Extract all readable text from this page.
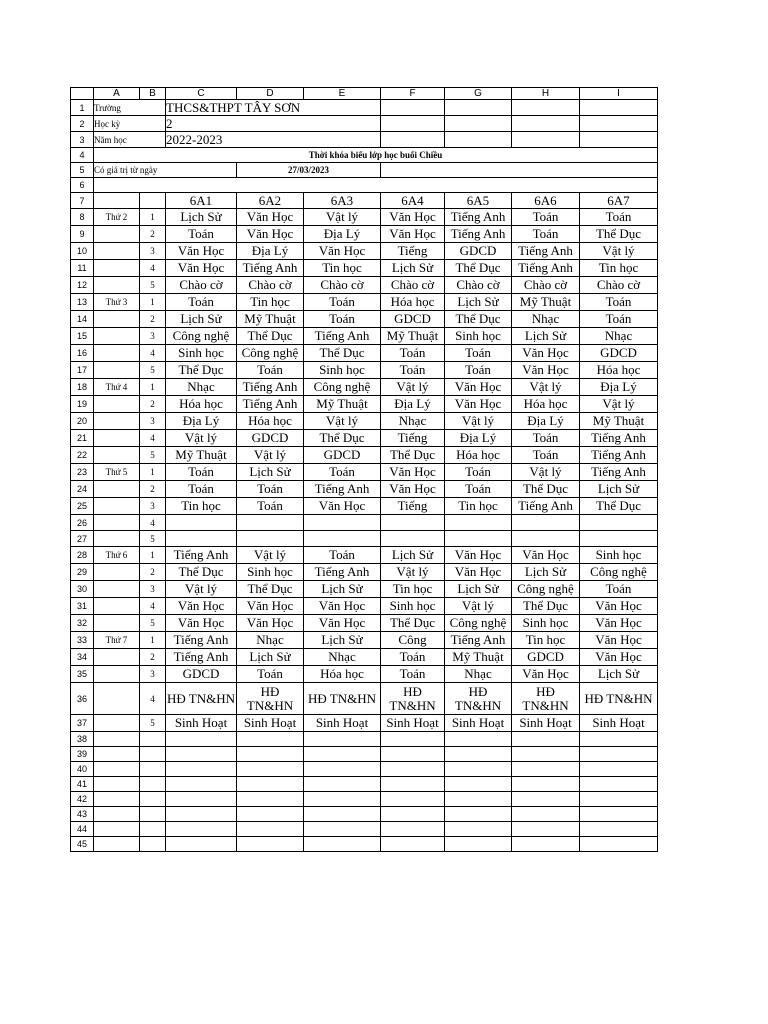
	A	B	C	D	E	F	G	H	I
1	Trường		THCS&THPT TÂY SƠN						
2	Học kỳ		2						
3	Năm học		2022-2023						
4	Thời khóa biểu lớp học buổi Chiều								
5	Có giá trị từ ngày			27/03/2023					
6									
7			6A1	6A2	6A3	6A4	6A5	6A6	6A7
8	Thứ 2	1	Lịch Sử	Văn Học	Vật lý	Văn Học	Tiếng Anh	Toán	Toán
9		2	Toán	Văn Học	Địa Lý	Văn Học	Tiếng Anh	Toán	Thể Dục
10		3	Văn Học	Địa Lý	Văn Học	Tiếng	GDCD	Tiếng Anh	Vật lý
11		4	Văn Học	Tiếng Anh	Tin học	Lịch Sử	Thể Dục	Tiếng Anh	Tin học
12		5	Chào cờ	Chào cờ	Chào cờ	Chào cờ	Chào cờ	Chào cờ	Chào cờ
13	Thứ 3	1	Toán	Tin học	Toán	Hóa học	Lịch Sử	Mỹ Thuật	Toán
14		2	Lịch Sử	Mỹ Thuật	Toán	GDCD	Thể Dục	Nhạc	Toán
15		3	Công nghệ	Thể Dục	Tiếng Anh	Mỹ Thuật	Sinh học	Lịch Sử	Nhạc
16		4	Sinh học	Công nghệ	Thể Dục	Toán	Toán	Văn Học	GDCD
17		5	Thể Dục	Toán	Sinh học	Toán	Toán	Văn Học	Hóa học
18	Thứ 4	1	Nhạc	Tiếng Anh	Công nghệ	Vật lý	Văn Học	Vật lý	Địa Lý
19		2	Hóa học	Tiếng Anh	Mỹ Thuật	Địa Lý	Văn Học	Hóa học	Vật lý
20		3	Địa Lý	Hóa học	Vật lý	Nhạc	Vật lý	Địa Lý	Mỹ Thuật
21		4	Vật lý	GDCD	Thể Dục	Tiếng	Địa Lý	Toán	Tiếng Anh
22		5	Mỹ Thuật	Vật lý	GDCD	Thể Dục	Hóa học	Toán	Tiếng Anh
23	Thứ 5	1	Toán	Lịch Sử	Toán	Văn Học	Toán	Vật lý	Tiếng Anh
24		2	Toán	Toán	Tiếng Anh	Văn Học	Toán	Thể Dục	Lịch Sử
25		3	Tin học	Toán	Văn Học	Tiếng	Tin học	Tiếng Anh	Thể Dục
26		4							
27		5							
28	Thứ 6	1	Tiếng Anh	Vật lý	Toán	Lịch Sử	Văn Học	Văn Học	Sinh học
29		2	Thể Dục	Sinh học	Tiếng Anh	Vật lý	Văn Học	Lịch Sử	Công nghệ
30		3	Vật lý	Thể Dục	Lịch Sử	Tin học	Lịch Sử	Công nghệ	Toán
31		4	Văn Học	Văn Học	Văn Học	Sinh học	Vật lý	Thể Dục	Văn Học
32		5	Văn Học	Văn Học	Văn Học	Thể Dục	Công nghệ	Sinh học	Văn Học
33	Thứ 7	1	Tiếng Anh	Nhạc	Lịch Sử	Công	Tiếng Anh	Tin học	Văn Học
34		2	Tiếng Anh	Lịch Sử	Nhạc	Toán	Mỹ Thuật	GDCD	Văn Học
35		3	GDCD	Toán	Hóa học	Toán	Nhạc	Văn Học	Lịch Sử
36		4	HĐ TN&HN	HĐ TN&HN	HĐ TN&HN	HĐ TN&HN	HĐ TN&HN	HĐ TN&HN	HĐ TN&HN
37		5	Sinh Hoạt	Sinh Hoạt	Sinh Hoạt	Sinh Hoạt	Sinh Hoạt	Sinh Hoạt	Sinh Hoạt
38									
39									
40									
41									
42									
43									
44									
45									
